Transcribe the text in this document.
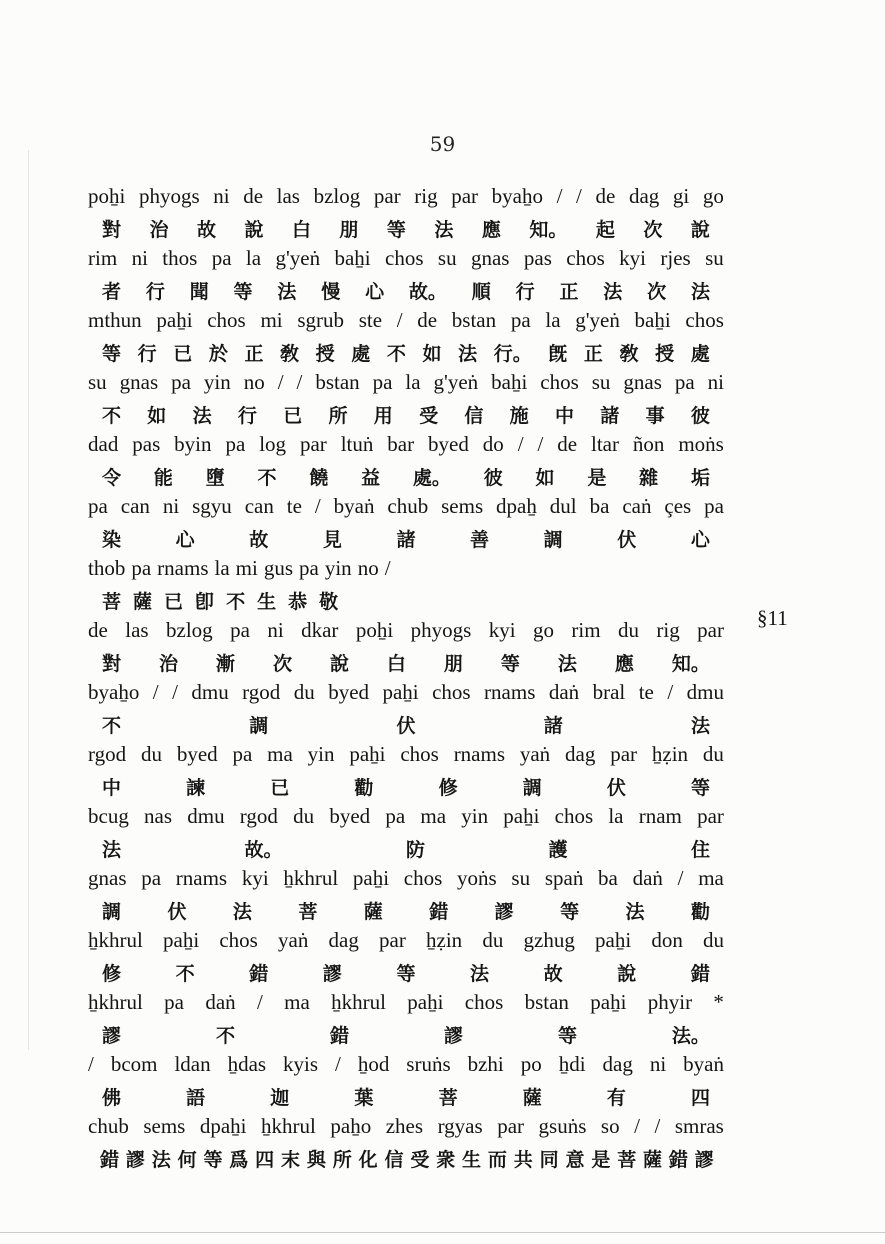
59
§11
poẖi phyogs ni de las bzlog par rig par byaẖo / / de dag gi go
對 治 故 說 白 朋 等 法 應 知。 起 次 說
rim ni thos pa la g'yeṅ baẖi chos su gnas pas chos kyi rjes su
者 行 聞 等 法 慢 心 故。 順 行 正 法 次 法
mthun paẖi chos mi sgrub ste / de bstan pa la g'yeṅ baẖi chos
等 行 已 於 正 敎 授 處 不 如 法 行。 旣 正 敎 授 處
su gnas pa yin no / / bstan pa la g'yeṅ baẖi chos su gnas pa ni
不 如 法 行 已 所 用 受 信 施 中 諸 事 彼
dad pas byin pa log par ltuṅ bar byed do / / de ltar ñon moṅs
令 能 墮 不 饒 益 處。 彼 如 是 雜 垢
pa can ni sgyu can te / byaṅ chub sems dpaẖ dul ba caṅ çes pa
染	心	故	見	諸	善	調	伏	心
thob pa rnams la mi gus pa yin no /
菩 薩 已 卽 不 生 恭 敬
de las bzlog pa ni dkar poẖi phyogs kyi go rim du rig par
對 治 漸 次 說 白 朋 等 法 應 知。
byaẖo / / dmu rgod du byed paẖi chos rnams daṅ bral te / dmu
不	調	伏	諸	法
rgod du byed pa ma yin paẖi chos rnams yaṅ dag par ẖẓin du
中	諫	已	勸	修	調	伏	等
bcug nas dmu rgod du byed pa ma yin paẖi chos la rnam par
法	故。	防	護	住
gnas pa rnams kyi ẖkhrul paẖi chos yoṅs su spaṅ ba daṅ / ma
調 伏 法 菩 薩 錯 謬 等 法 勸
ẖkhrul paẖi chos yaṅ dag par ẖẓin du gzhug paẖi don du
修	不	錯	謬	等	法	故	說	錯
ẖkhrul pa daṅ / ma ẖkhrul paẖi chos bstan paẖi phyir *
謬	不	錯	謬	等	法。
/ bcom ldan ẖdas kyis / ẖod sruṅs bzhi po ẖdi dag ni byaṅ
佛	語	迦	葉	菩	薩	有	四
chub sems dpaẖi ẖkhrul paẖo zhes rgyas par gsuṅs so / / smras
錯 謬 法 何 等 爲 四 末 與 所 化 信 受 衆 生 而 共 同 意 是 菩 薩 錯 謬
